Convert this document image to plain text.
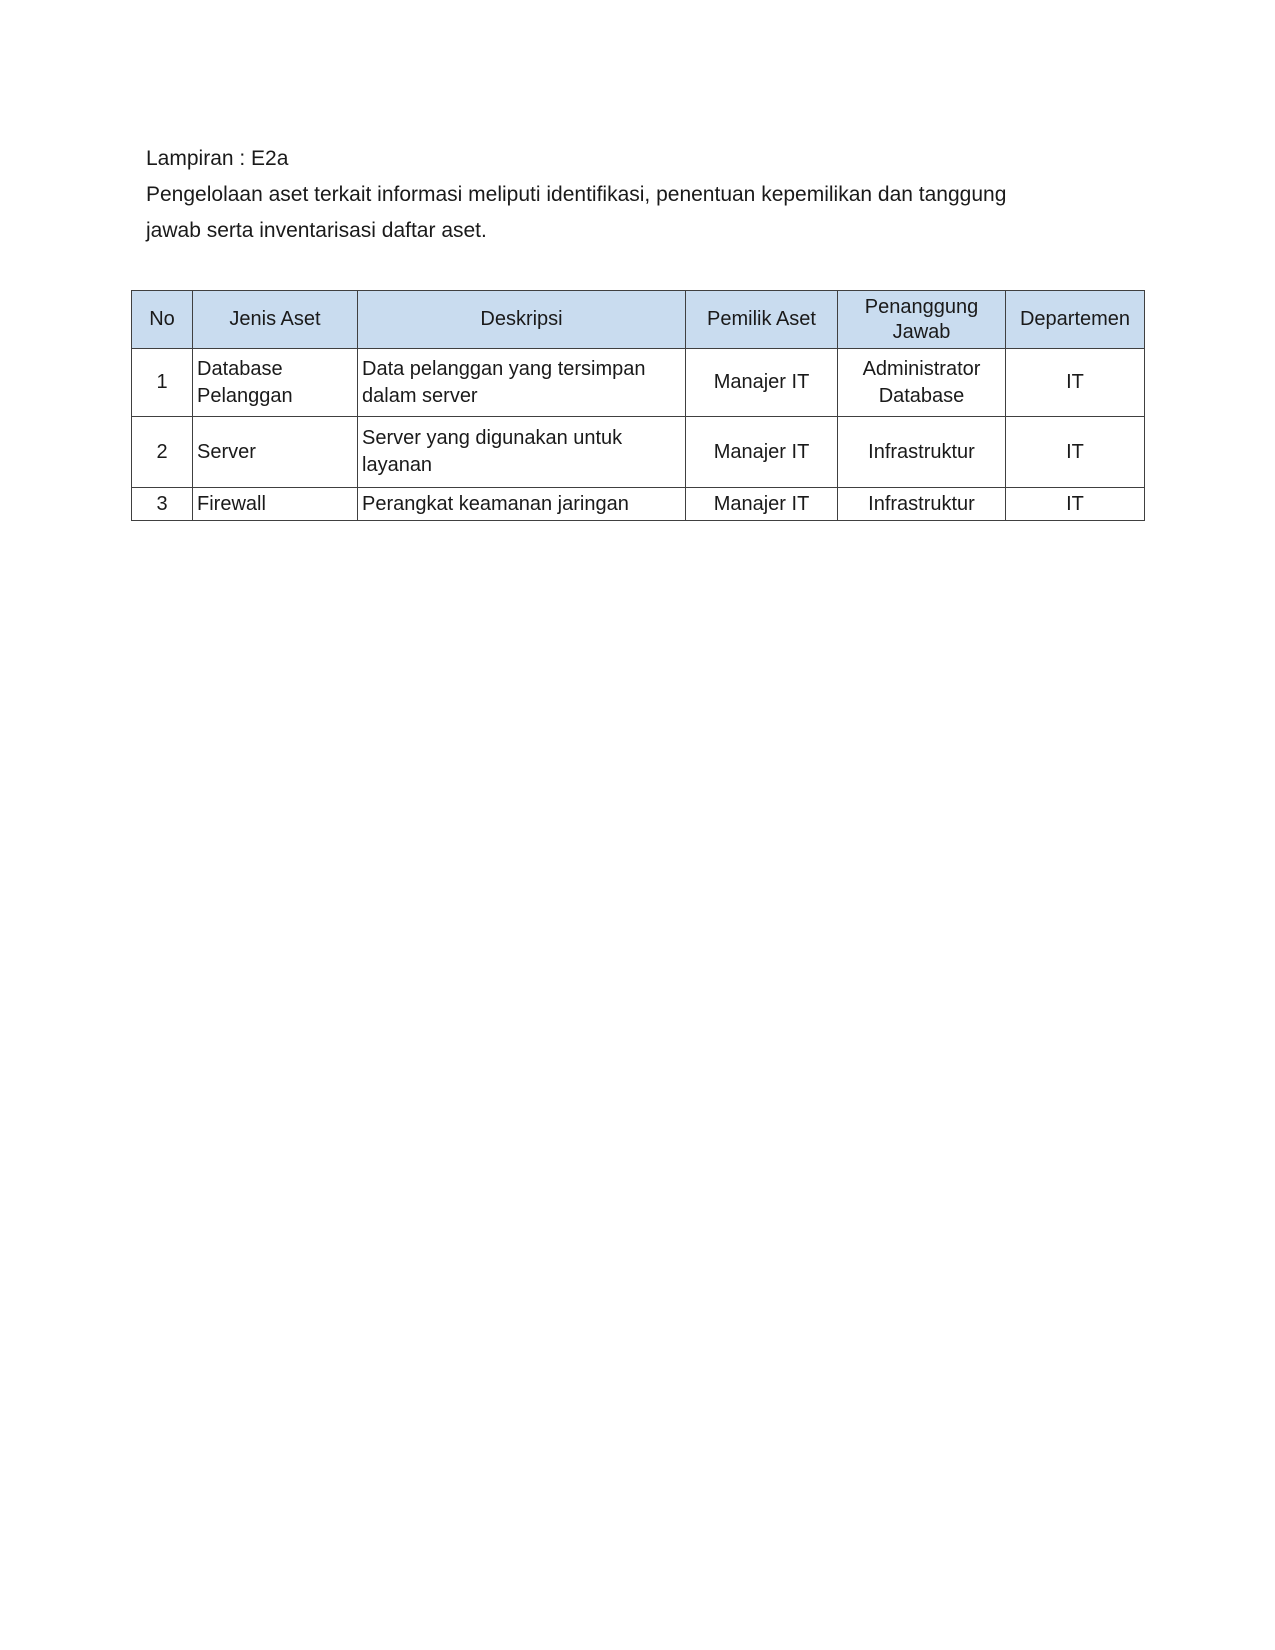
Lampiran : E2a
Pengelolaan aset terkait informasi meliputi identifikasi, penentuan kepemilikan dan tanggung
jawab serta inventarisasi daftar aset.
No	Jenis Aset	Deskripsi	Pemilik Aset	Penanggung Jawab	Departemen
1	Database Pelanggan	Data pelanggan yang tersimpan dalam server	Manajer IT	Administrator Database	IT
2	Server	Server yang digunakan untuk layanan	Manajer IT	Infrastruktur	IT
3	Firewall	Perangkat keamanan jaringan	Manajer IT	Infrastruktur	IT
